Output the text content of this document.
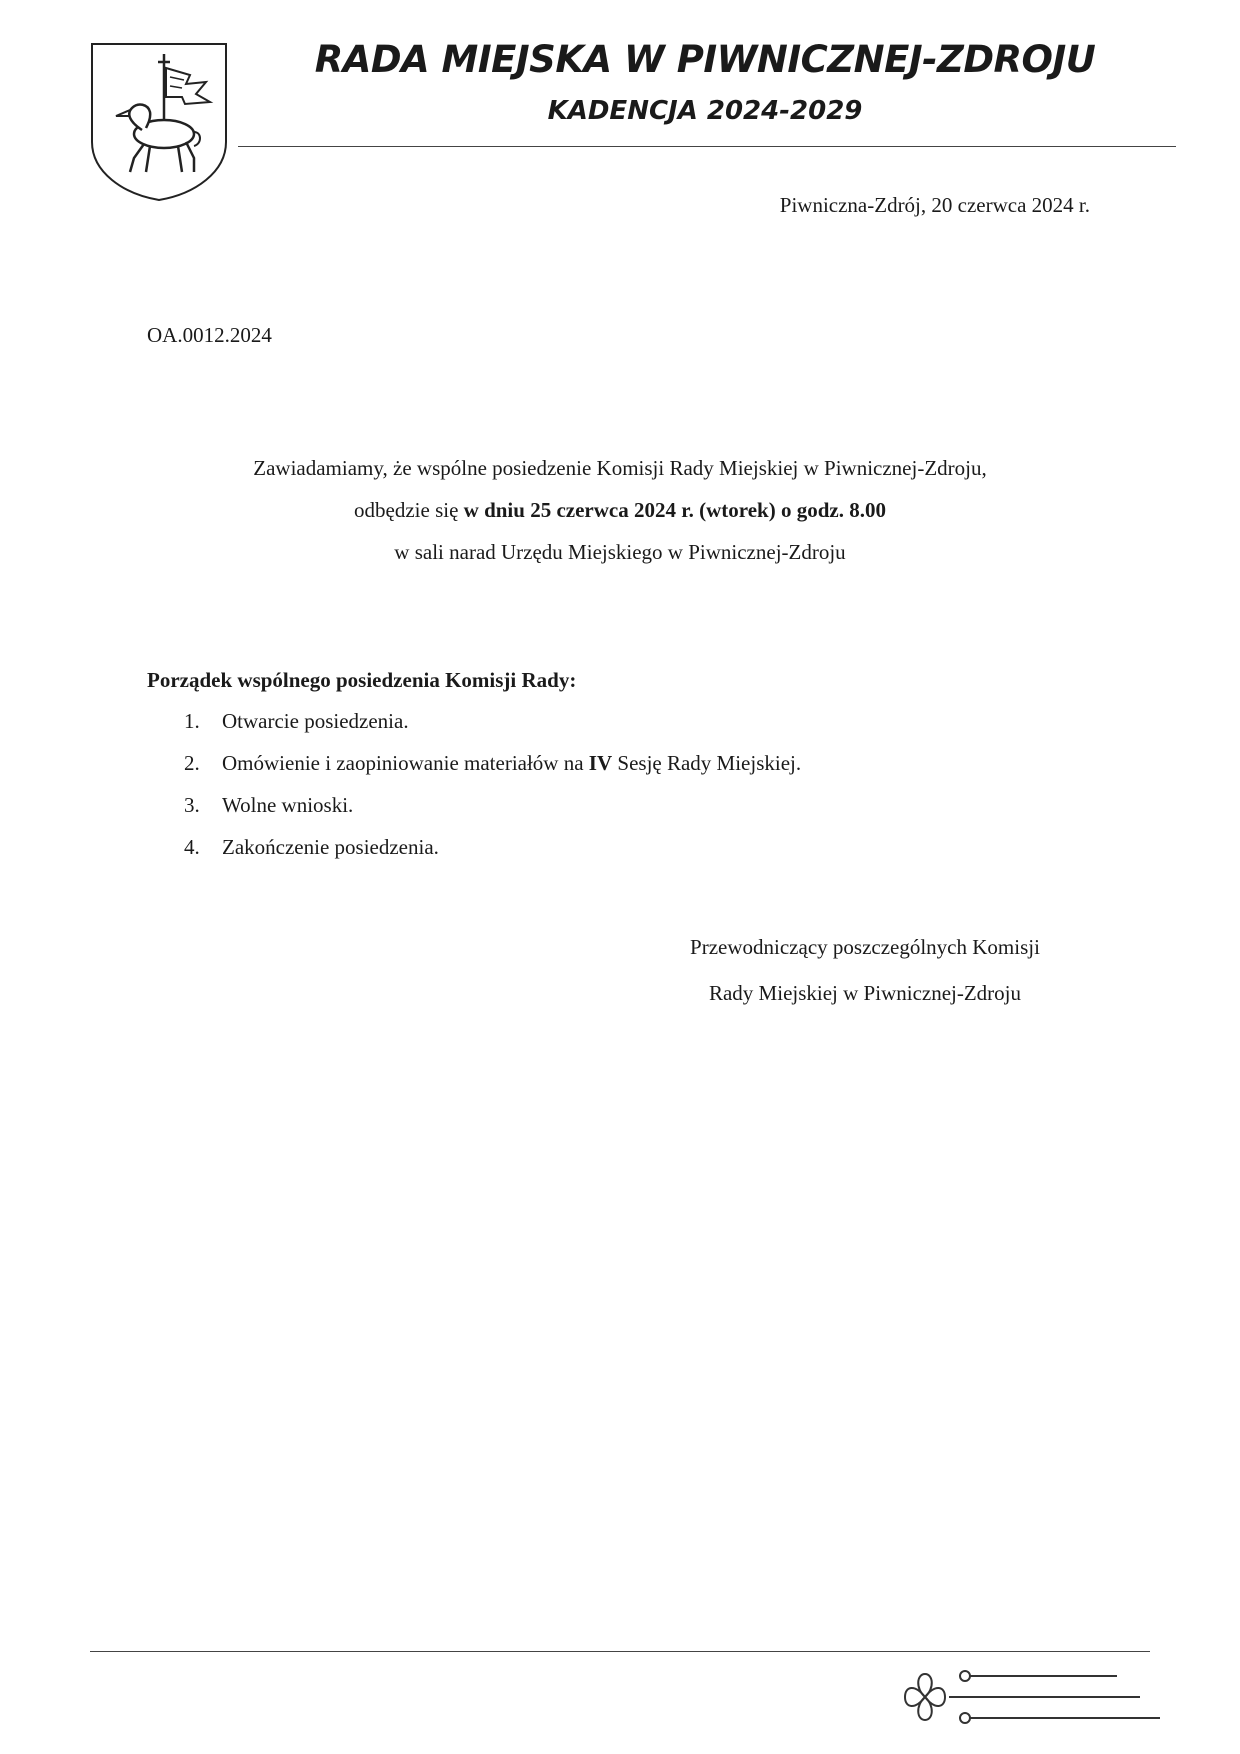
RADA MIEJSKA W PIWNICZNEJ-ZDROJU
KADENCJA 2024-2029
Piwniczna-Zdrój, 20 czerwca 2024 r.
OA.0012.2024
Zawiadamiamy, że wspólne posiedzenie Komisji Rady Miejskiej w Piwnicznej-Zdroju,
odbędzie się w dniu 25 czerwca 2024 r. (wtorek) o godz. 8.00
w sali narad Urzędu Miejskiego w Piwnicznej-Zdroju
Porządek wspólnego posiedzenia Komisji Rady:
1. Otwarcie posiedzenia.
2. Omówienie i zaopiniowanie materiałów na IV Sesję Rady Miejskiej.
3. Wolne wnioski.
4. Zakończenie posiedzenia.
Przewodniczący poszczególnych Komisji
Rady Miejskiej w Piwnicznej-Zdroju
